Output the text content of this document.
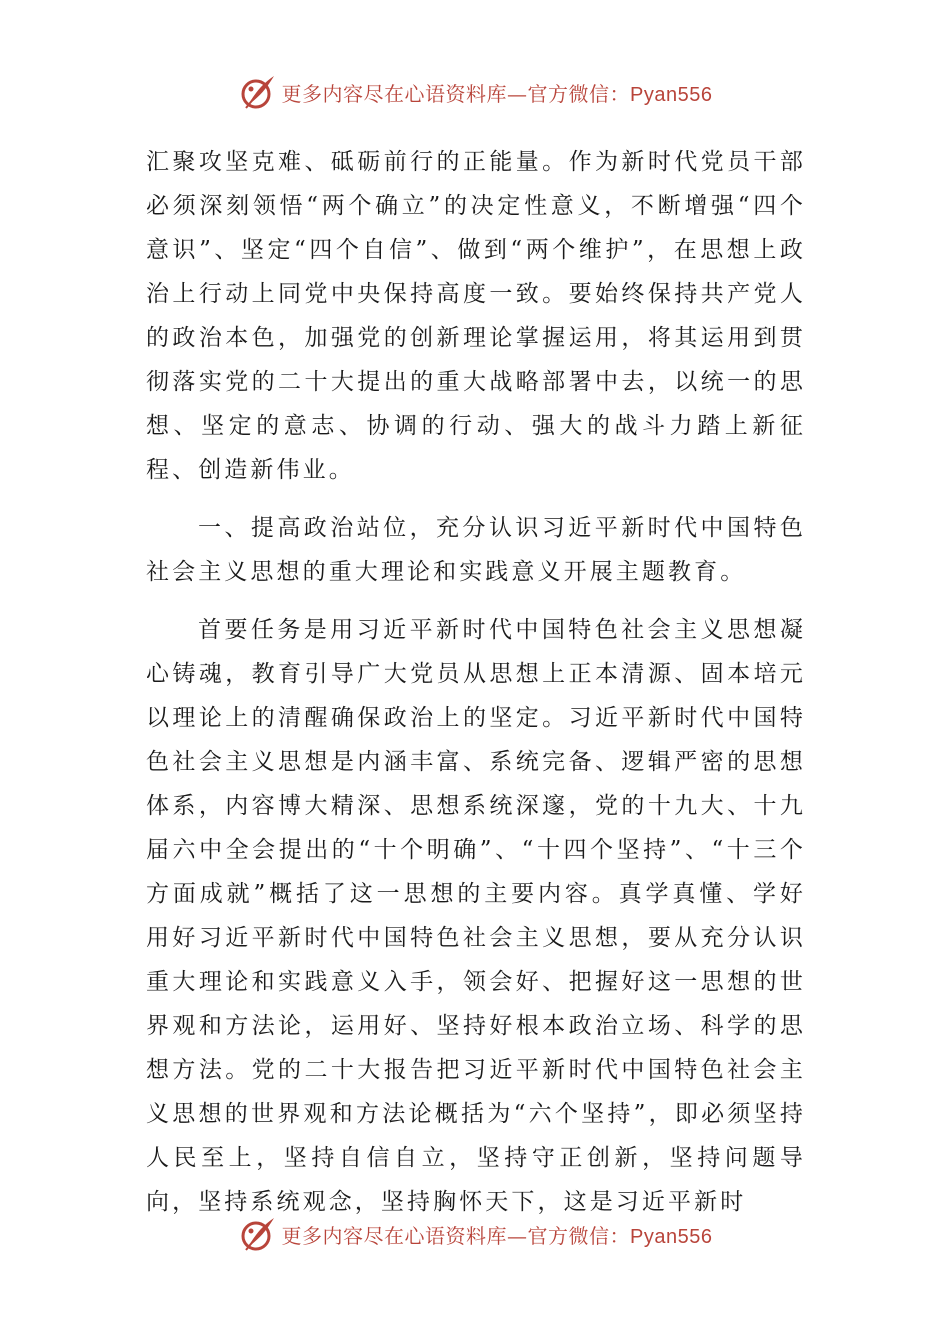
更多内容尽在心语资料库—官方微信：Pyan556

汇聚攻坚克难、砥砺前行的正能量。作为新时代党员干部必须深刻领悟“两个确立”的决定性意义，不断增强“四个意识”、坚定“四个自信”、做到“两个维护”，在思想上政治上行动上同党中央保持高度一致。要始终保持共产党人的政治本色，加强党的创新理论掌握运用，将其运用到贯彻落实党的二十大提出的重大战略部署中去，以统一的思想、坚定的意志、协调的行动、强大的战斗力踏上新征程、创造新伟业。

一、提高政治站位，充分认识习近平新时代中国特色社会主义思想的重大理论和实践意义开展主题教育。

首要任务是用习近平新时代中国特色社会主义思想凝心铸魂，教育引导广大党员从思想上正本清源、固本培元以理论上的清醒确保政治上的坚定。习近平新时代中国特色社会主义思想是内涵丰富、系统完备、逻辑严密的思想体系，内容博大精深、思想系统深邃，党的十九大、十九届六中全会提出的“十个明确”、“十四个坚持”、“十三个方面成就”概括了这一思想的主要内容。真学真懂、学好用好习近平新时代中国特色社会主义思想，要从充分认识重大理论和实践意义入手，领会好、把握好这一思想的世界观和方法论，运用好、坚持好根本政治立场、科学的思想方法。党的二十大报告把习近平新时代中国特色社会主义思想的世界观和方法论概括为“六个坚持”，即必须坚持人民至上，坚持自信自立，坚持守正创新，坚持问题导向，坚持系统观念，坚持胸怀天下，这是习近平新时

更多内容尽在心语资料库—官方微信：Pyan556
